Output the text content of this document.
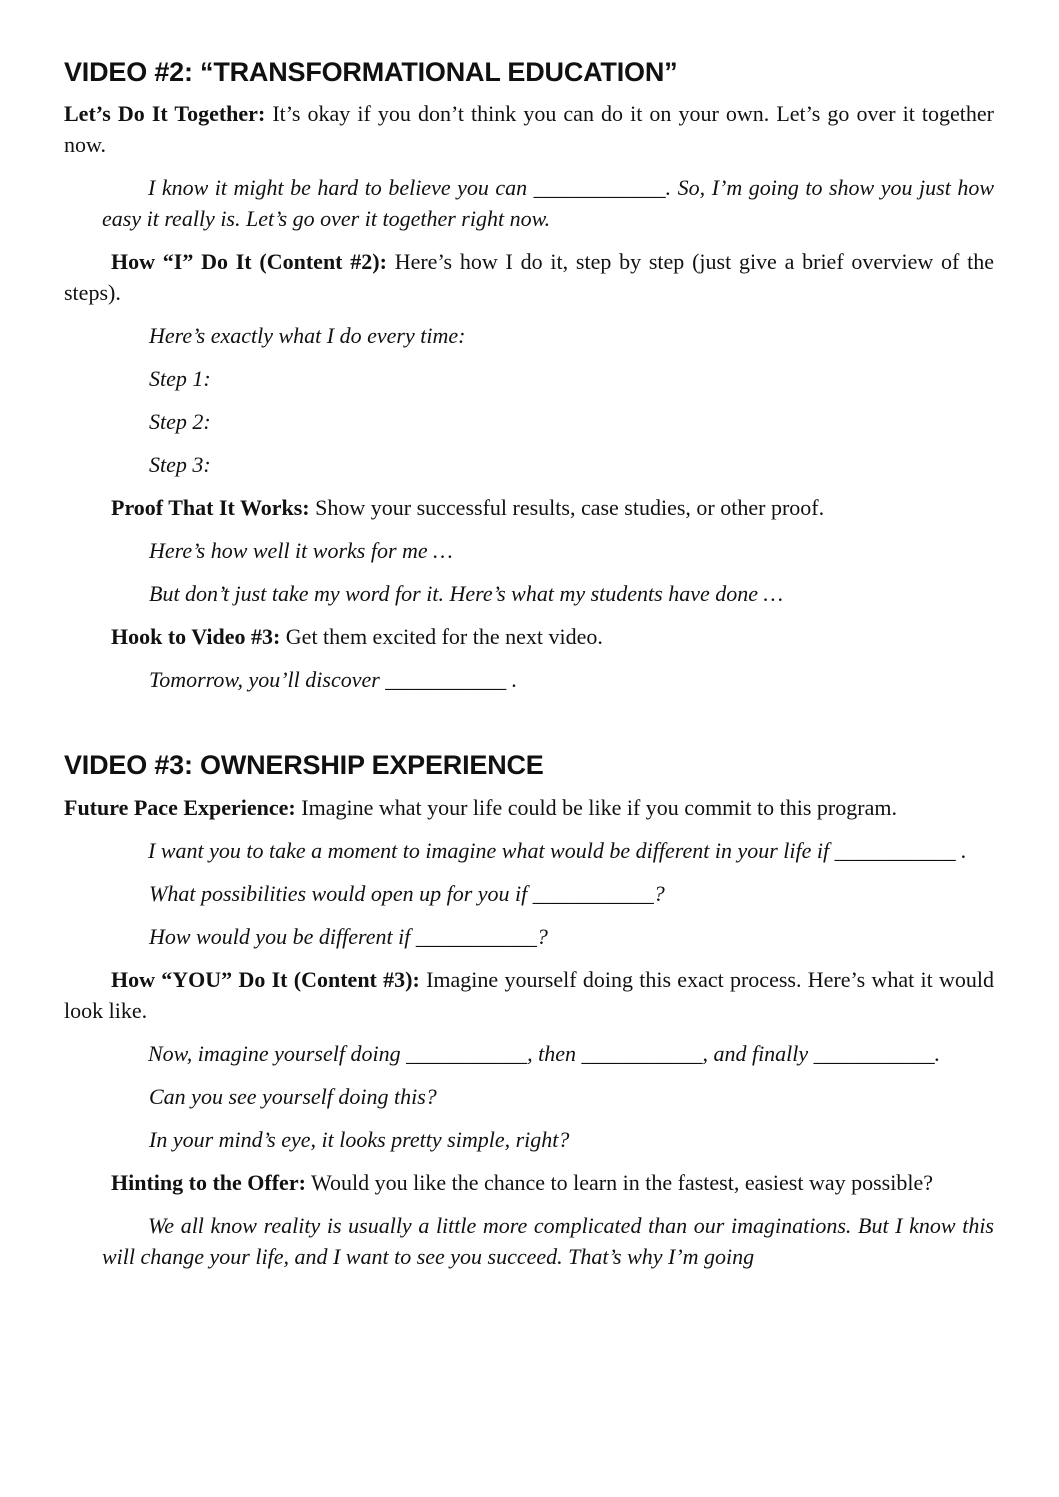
VIDEO #2: “TRANSFORMATIONAL EDUCATION”

Let’s Do It Together: It’s okay if you don’t think you can do it on your own. Let’s go over it together now.

I know it might be hard to believe you can ____________. So, I’m going to show you just how easy it really is. Let’s go over it together right now.

How “I” Do It (Content #2): Here’s how I do it, step by step (just give a brief overview of the steps).

Here’s exactly what I do every time:

Step 1:

Step 2:

Step 3:

Proof That It Works: Show your successful results, case studies, or other proof.

Here’s how well it works for me …

But don’t just take my word for it. Here’s what my students have done …

Hook to Video #3: Get them excited for the next video.

Tomorrow, you’ll discover ___________ .

VIDEO #3: OWNERSHIP EXPERIENCE

Future Pace Experience: Imagine what your life could be like if you commit to this program.

I want you to take a moment to imagine what would be different in your life if ___________ .

What possibilities would open up for you if ___________?

How would you be different if ___________?

How “YOU” Do It (Content #3): Imagine yourself doing this exact process. Here’s what it would look like.

Now, imagine yourself doing ___________, then ___________, and finally ___________.

Can you see yourself doing this?

In your mind’s eye, it looks pretty simple, right?

Hinting to the Offer: Would you like the chance to learn in the fastest, easiest way possible?

We all know reality is usually a little more complicated than our imaginations. But I know this will change your life, and I want to see you succeed. That’s why I’m going
